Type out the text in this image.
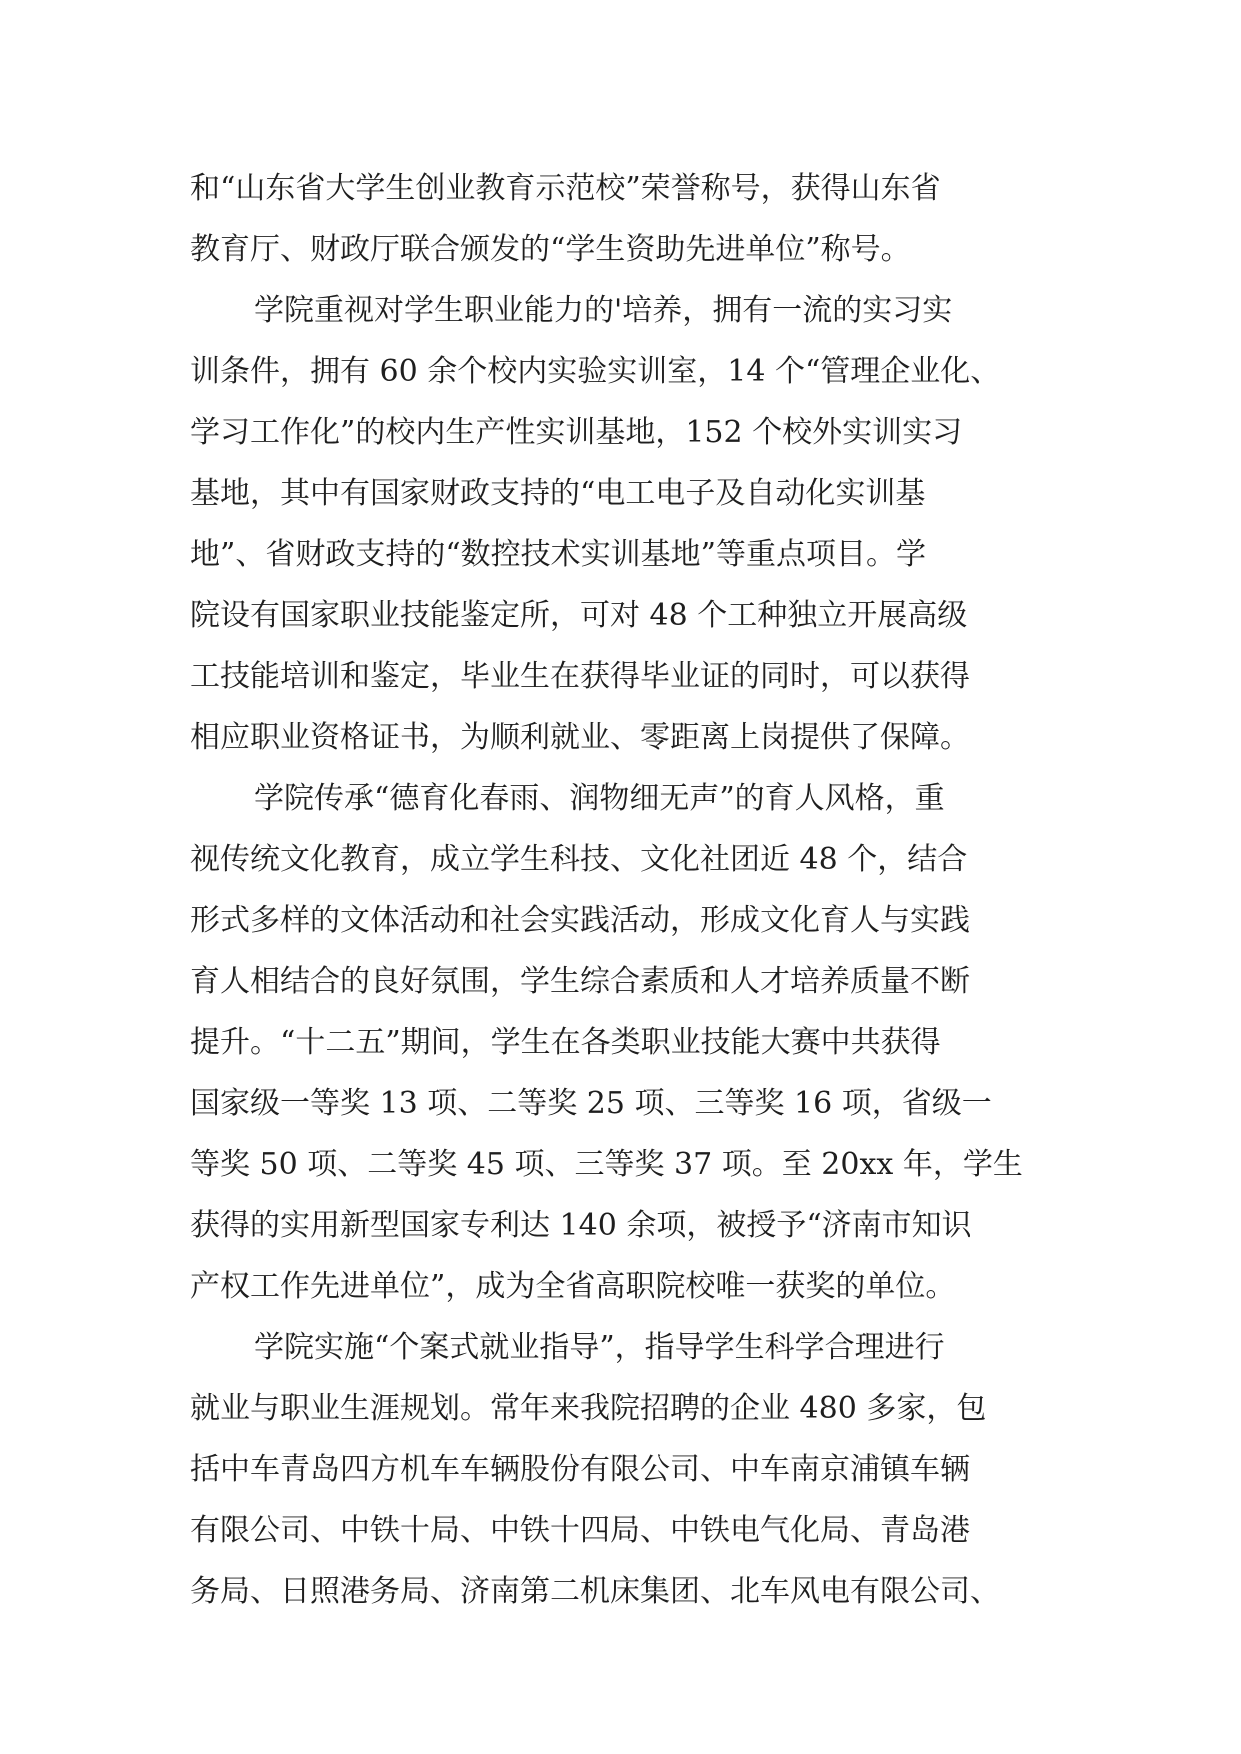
和“山东省大学生创业教育示范校”荣誉称号，获得山东省
教育厅、财政厅联合颁发的“学生资助先进单位”称号。
学院重视对学生职业能力的'培养，拥有一流的实习实
训条件，拥有 60 余个校内实验实训室，14 个“管理企业化、
学习工作化”的校内生产性实训基地，152 个校外实训实习
基地，其中有国家财政支持的“电工电子及自动化实训基
地”、省财政支持的“数控技术实训基地”等重点项目。学
院设有国家职业技能鉴定所，可对 48 个工种独立开展高级
工技能培训和鉴定，毕业生在获得毕业证的同时，可以获得
相应职业资格证书，为顺利就业、零距离上岗提供了保障。
学院传承“德育化春雨、润物细无声”的育人风格，重
视传统文化教育，成立学生科技、文化社团近 48 个，结合
形式多样的文体活动和社会实践活动，形成文化育人与实践
育人相结合的良好氛围，学生综合素质和人才培养质量不断
提升。“十二五”期间，学生在各类职业技能大赛中共获得
国家级一等奖 13 项、二等奖 25 项、三等奖 16 项，省级一
等奖 50 项、二等奖 45 项、三等奖 37 项。至 20xx 年，学生
获得的实用新型国家专利达 140 余项，被授予“济南市知识
产权工作先进单位”，成为全省高职院校唯一获奖的单位。
学院实施“个案式就业指导”，指导学生科学合理进行
就业与职业生涯规划。常年来我院招聘的企业 480 多家，包
括中车青岛四方机车车辆股份有限公司、中车南京浦镇车辆
有限公司、中铁十局、中铁十四局、中铁电气化局、青岛港
务局、日照港务局、济南第二机床集团、北车风电有限公司、
